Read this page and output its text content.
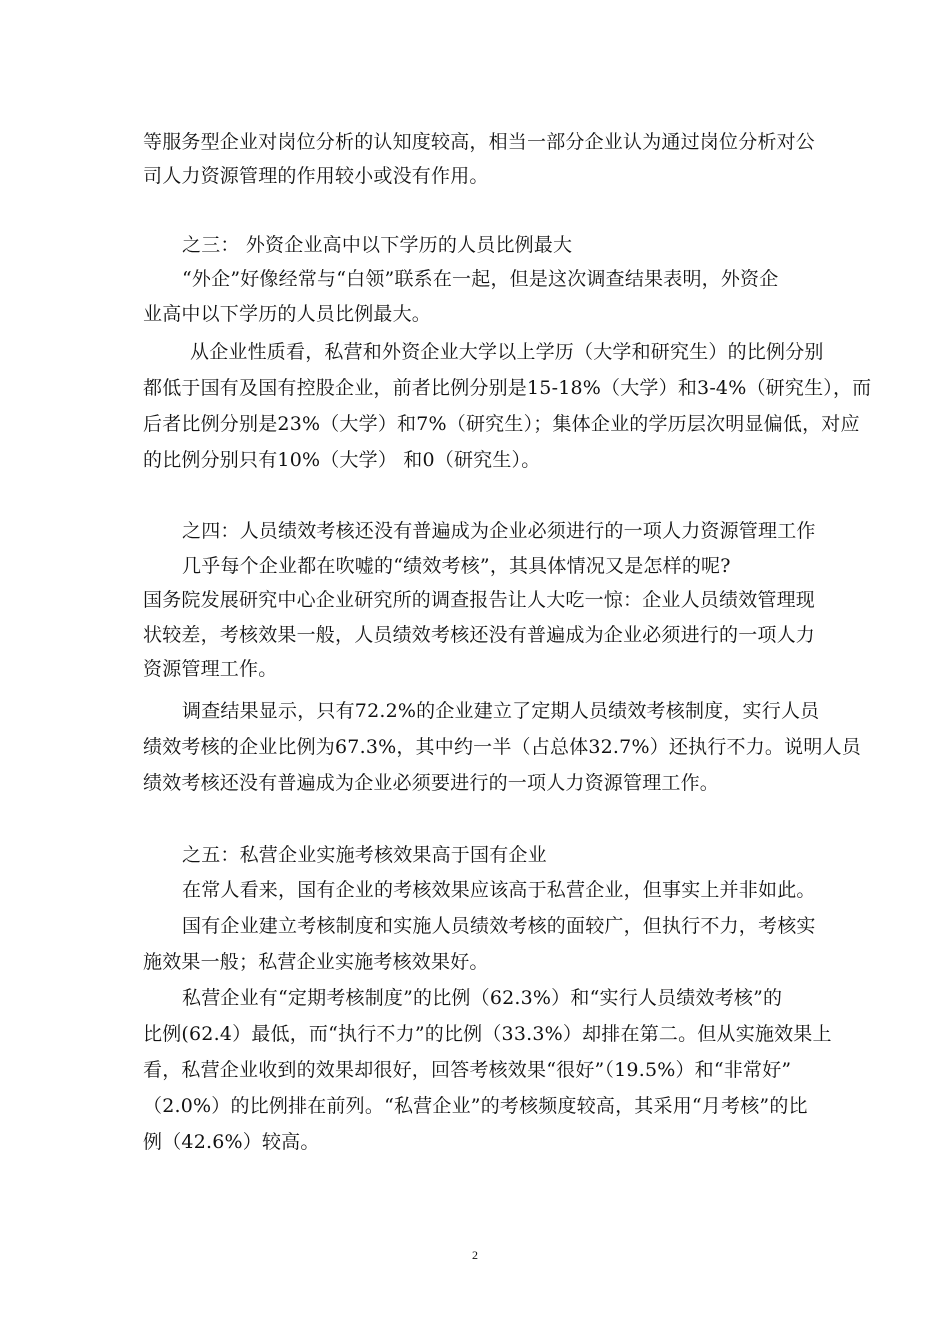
等服务型企业对岗位分析的认知度较高，相当一部分企业认为通过岗位分析对公
司人力资源管理的作用较小或没有作用。
之三： 外资企业高中以下学历的人员比例最大
“外企”好像经常与“白领”联系在一起，但是这次调查结果表明，外资企
业高中以下学历的人员比例最大。
从企业性质看，私营和外资企业大学以上学历（大学和研究生）的比例分别
都低于国有及国有控股企业，前者比例分别是15-18%（大学）和3-4%（研究生），而
后者比例分别是23%（大学）和7%（研究生）；集体企业的学历层次明显偏低，对应
的比例分别只有10%（大学） 和0（研究生）。
之四：人员绩效考核还没有普遍成为企业必须进行的一项人力资源管理工作
几乎每个企业都在吹嘘的“绩效考核”，其具体情况又是怎样的呢?
国务院发展研究中心企业研究所的调查报告让人大吃一惊：企业人员绩效管理现
状较差，考核效果一般，人员绩效考核还没有普遍成为企业必须进行的一项人力
资源管理工作。
调查结果显示，只有72.2%的企业建立了定期人员绩效考核制度，实行人员
绩效考核的企业比例为67.3%，其中约一半（占总体32.7%）还执行不力。说明人员
绩效考核还没有普遍成为企业必须要进行的一项人力资源管理工作。
之五：私营企业实施考核效果高于国有企业
在常人看来，国有企业的考核效果应该高于私营企业，但事实上并非如此。
国有企业建立考核制度和实施人员绩效考核的面较广，但执行不力，考核实
施效果一般；私营企业实施考核效果好。
私营企业有“定期考核制度”的比例（62.3%）和“实行人员绩效考核”的
比例(62.4）最低，而“执行不力”的比例（33.3%）却排在第二。但从实施效果上
看，私营企业收到的效果却很好，回答考核效果“很好”（19.5%）和“非常好”
（2.0%）的比例排在前列。“私营企业”的考核频度较高，其采用“月考核”的比
例（42.6%）较高。
2
